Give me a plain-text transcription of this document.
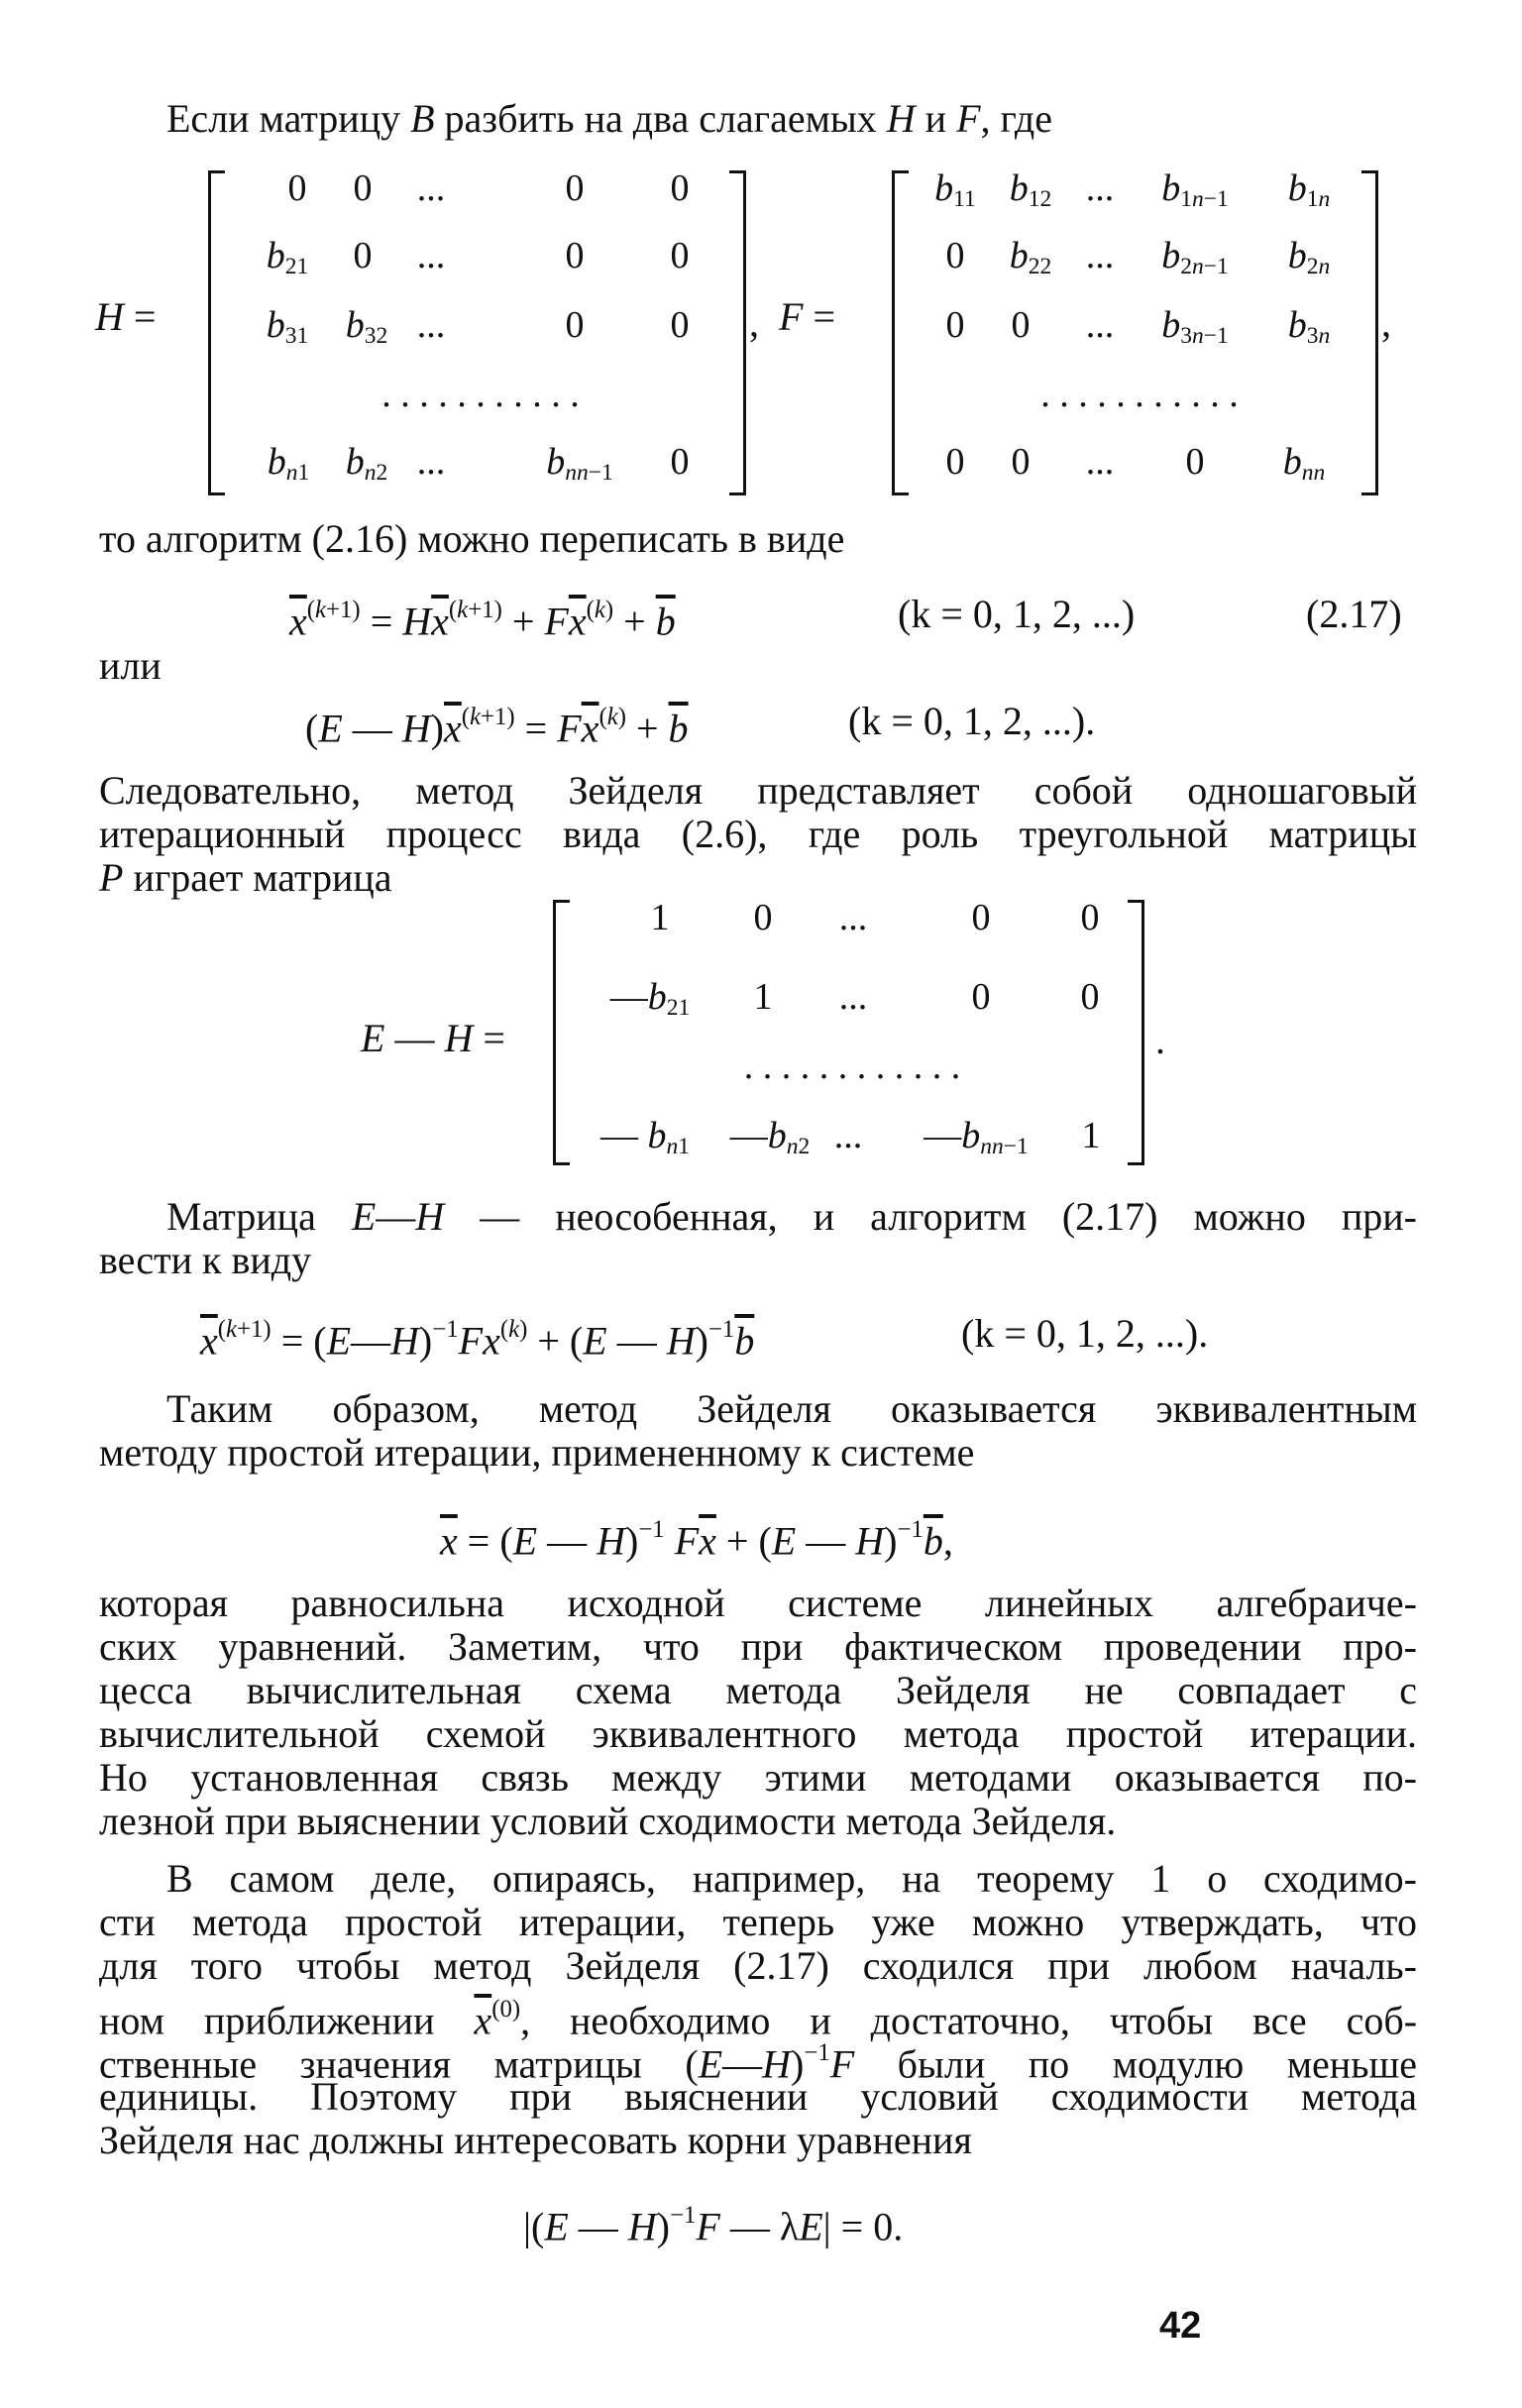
Если матрицу B разбить на два слагаемых H и F, где
H =
0	0	...	0	0
$b_{21}$	0	...	0	0
$b_{31}$ $b_{32}$ ...	0	0
. . . . . . . . . . .
$b_{n1}$ $b_{n2}$ ...	$b_{nn-1}$	0
, F =
$b_{11}$ $b_{12}$ ...	$b_{1n-1}$	$b_{1n}$
0	$b_{22}$ ...	$b_{2n-1}$	$b_{2n}$
0	0	...	$b_{3n-1}$	$b_{3n}$
. . . . . . . . . . .
0	0	...	0	$b_{nn}$
,
то алгоритм (2.16) можно переписать в виде
$\overline{x}^{(k+1)} = H\overline{x}^{(k+1)} + F\overline{x}^{(k)} + \overline{b}$	(k = 0, 1, 2, ...)	(2.17)
или
(E — $H)\overline{x}^{(k+1)} = F\overline{x}^{(k)} + \overline{b}$	(k = 0, 1, 2, ...).
Следовательно, метод Зейделя представляет собой одношаговый
итерационный процесс вида (2.6), где роль треугольной матрицы
P играет матрица
E — H =
1	0	...	0	0
$—b_{21}$	1	...	0	0
. . . . . . . . . . . .
— $b_{n1}$	$—b_{n2}$ ...	$—b_{nn-1}$	1
.
Матрица E—H — неособенная, и алгоритм (2.17) можно при-
вести к виду
$\overline{x}^{(k+1)}$ = $(E—H)^{-1}Fx^{(k)} + (E$ — $H)^{-1}\overline{b}$	(k = 0, 1, 2, ...).
Таким образом, метод Зейделя оказывается эквивалентным
методу простой итерации, примененному к системе
$\overline{x} = (E$ — H)$^{-1}$ $F\overline{x} + (E$ — $H)^{-1}\overline{b}$,
которая равносильна исходной системе линейных алгебраиче-
ских уравнений. Заметим, что при фактическом проведении про-
цесса вычислительная схема метода Зейделя не совпадает с
вычислительной схемой эквивалентного метода простой итерации.
Но установленная связь между этими методами оказывается по-
лезной при выяснении условий сходимости метода Зейделя.
В самом деле, опираясь, например, на теорему 1 о сходимо-
сти метода простой итерации, теперь уже можно утверждать, что
для того чтобы метод Зейделя (2.17) сходился при любом началь-
ном приближении $\overline{x}^{(0)}$, необходимо и достаточно, чтобы все соб-
ственные значения матрицы (E—H)$^{-1}$F были по модулю меньше
единицы. Поэтому при выяснении условий сходимости метода
Зейделя нас должны интересовать корни уравнения
|(E — H)$^{-1}$F — λE| = 0.
42
